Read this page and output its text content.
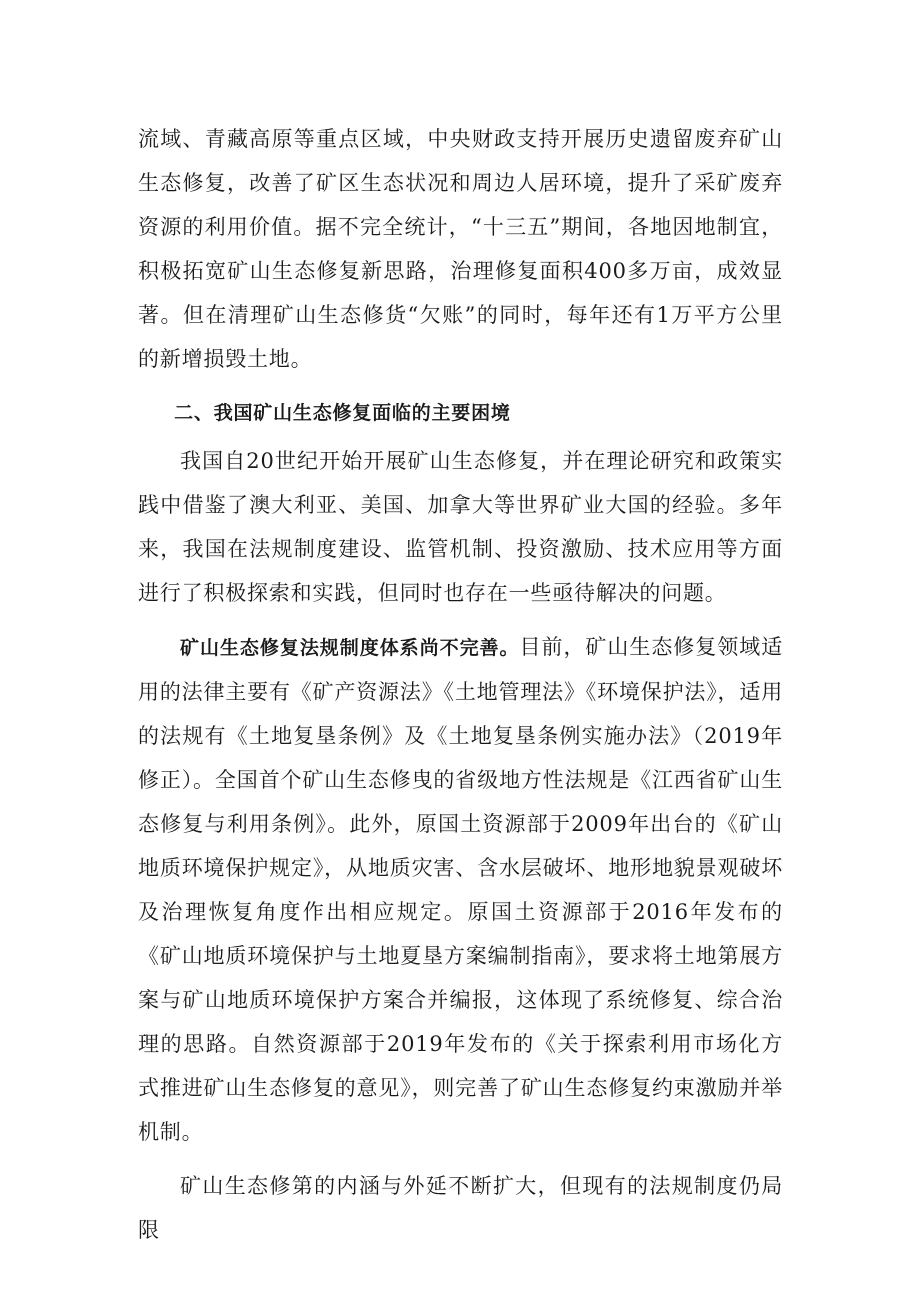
流域、青藏高原等重点区域，中央财政支持开展历史遗留废弃矿山生态修复，改善了矿区生态状况和周边人居环境，提升了采矿废弃资源的利用价值。据不完全统计，“十三五”期间，各地因地制宜，积极拓宽矿山生态修复新思路，治理修复面积400多万亩，成效显著。但在清理矿山生态修货“欠账”的同时，每年还有1万平方公里的新增损毁土地。

二、我国矿山生态修复面临的主要困境

我国自20世纪开始开展矿山生态修复，并在理论研究和政策实践中借鉴了澳大利亚、美国、加拿大等世界矿业大国的经验。多年来，我国在法规制度建设、监管机制、投资激励、技术应用等方面进行了积极探索和实践，但同时也存在一些亟待解决的问题。

矿山生态修复法规制度体系尚不完善。目前，矿山生态修复领域适用的法律主要有《矿产资源法》《土地管理法》《环境保护法》，适用的法规有《土地复垦条例》及《土地复垦条例实施办法》（2019年修正）。全国首个矿山生态修曳的省级地方性法规是《江西省矿山生态修复与利用条例》。此外，原国土资源部于2009年出台的《矿山地质环境保护规定》，从地质灾害、含水层破坏、地形地貌景观破坏及治理恢复角度作出相应规定。原国土资源部于2016年发布的《矿山地质环境保护与土地夏垦方案编制指南》，要求将土地第展方案与矿山地质环境保护方案合并编报，这体现了系统修复、综合治理的思路。自然资源部于2019年发布的《关于探索利用市场化方式推进矿山生态修复的意见》，则完善了矿山生态修复约束激励并举机制。

矿山生态修第的内涵与外延不断扩大，但现有的法规制度仍局限
